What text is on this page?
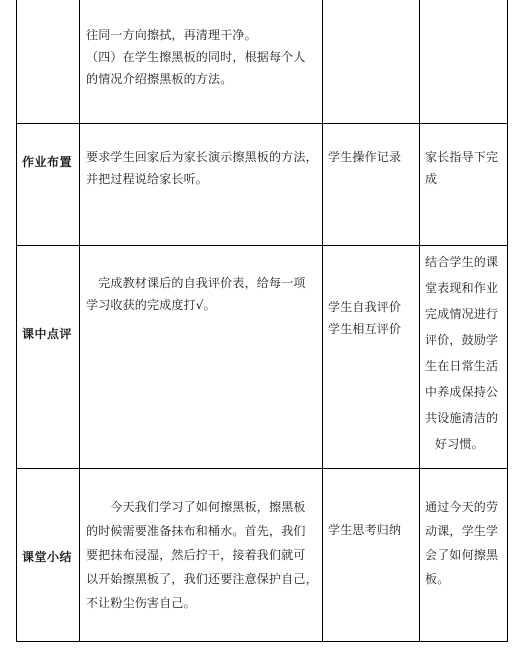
往同一方向擦拭，再清理干净。
（四）在学生擦黑板的同时，根据每个人
的情况介绍擦黑板的方法。
作业布置 要求学生回家后为家长演示擦黑板的方法，
并把过程说给家长听。
学生操作记录 家长指导下完
成
课中点评
　完成教材课后的自我评价表，给每一项
学习收获的完成度打√。	学生自我评价
学生相互评价
结合学生的课
堂表现和作业
完成情况进行
评价，鼓励学
生在日常生活
中养成保持公
共设施清洁的
好习惯。
课堂小结
　　今天我们学习了如何擦黑板，擦黑板
的时候需要准备抹布和桶水。首先，我们
要把抹布浸湿，然后拧干，接着我们就可
以开始擦黑板了，我们还要注意保护自己，
不让粉尘伤害自己。
学生思考归纳
通过今天的劳
动课，学生学
会了如何擦黑
板。
